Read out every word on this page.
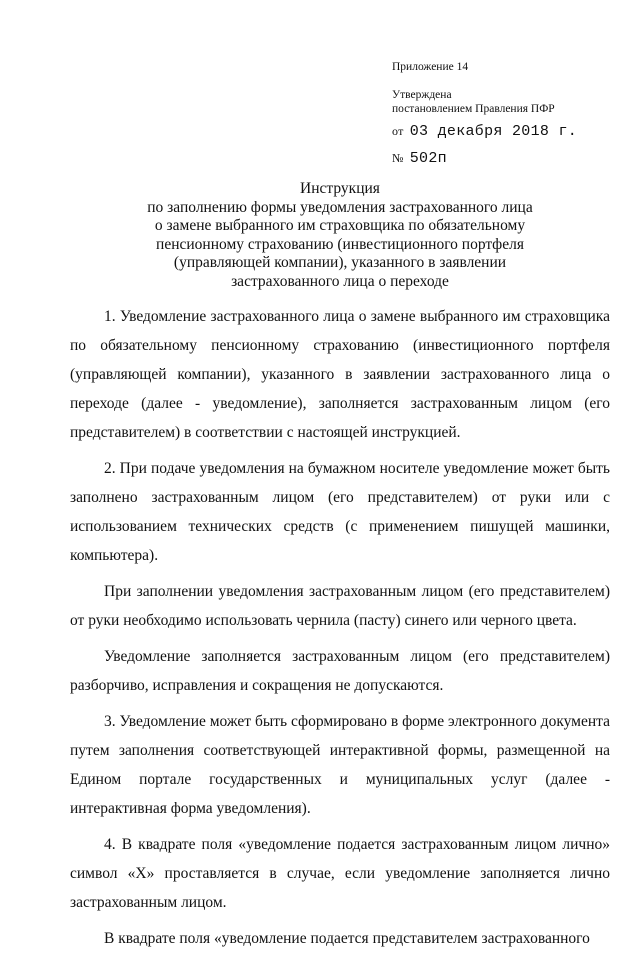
Приложение 14
Утверждена
постановлением Правления ПФР
от 03 декабря 2018 г.
№ 502п
Инструкция
по заполнению формы уведомления застрахованного лица
о замене выбранного им страховщика по обязательному
пенсионному страхованию (инвестиционного портфеля
(управляющей компании), указанного в заявлении
застрахованного лица о переходе

1. Уведомление застрахованного лица о замене выбранного им страховщика по обязательному пенсионному страхованию (инвестиционного портфеля (управляющей компании), указанного в заявлении застрахованного лица о переходе (далее - уведомление), заполняется застрахованным лицом (его представителем) в соответствии с настоящей инструкцией.

2. При подаче уведомления на бумажном носителе уведомление может быть заполнено застрахованным лицом (его представителем) от руки или с использованием технических средств (с применением пишущей машинки, компьютера).

При заполнении уведомления застрахованным лицом (его представителем) от руки необходимо использовать чернила (пасту) синего или черного цвета.

Уведомление заполняется застрахованным лицом (его представителем) разборчиво, исправления и сокращения не допускаются.

3. Уведомление может быть сформировано в форме электронного документа путем заполнения соответствующей интерактивной формы, размещенной на Едином портале государственных и муниципальных услуг (далее - интерактивная форма уведомления).

4. В квадрате поля «уведомление подается застрахованным лицом лично» символ «X» проставляется в случае, если уведомление заполняется лично застрахованным лицом.

В квадрате поля «уведомление подается представителем застрахованного
